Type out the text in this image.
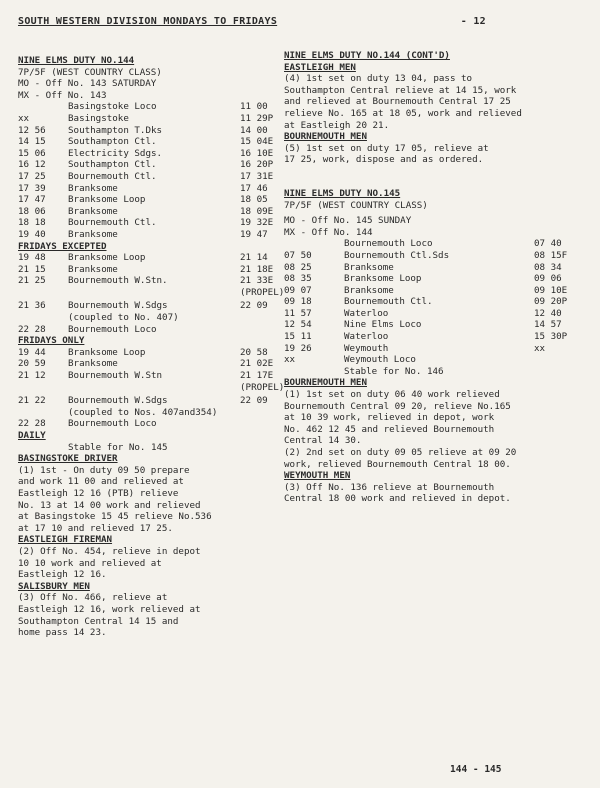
SOUTH WESTERN DIVISION MONDAYS TO FRIDAYS	- 12
NINE ELMS DUTY NO.144
7P/5F (WEST COUNTRY CLASS)
MO - Off No. 143 SATURDAY
MX - Off No. 143
Basingstoke Loco	11 00
xx	Basingstoke	11 29P
12 56	Southampton T.Dks	14 00
14 15	Southampton Ctl.	15 04E
15 06	Electricity Sdgs.	16 10E
16 12	Southampton Ctl.	16 20P
17 25	Bournemouth Ctl.	17 31E
17 39	Branksome	17 46
17 47	Branksome Loop	18 05
18 06	Branksome	18 09E
18 18	Bournemouth Ctl.	19 32E
19 40	Branksome	19 47
FRIDAYS EXCEPTED
19 48	Branksome Loop	21 14
21 15	Branksome	21 18E
21 25	Bournemouth W.Stn.	21 33E
(PROPEL)
21 36	Bournemouth W.Sdgs	22 09
(coupled to No. 407)
22 28	Bournemouth Loco
FRIDAYS ONLY
19 44	Branksome Loop	20 58
20 59	Branksome	21 02E
21 12	Bournemouth W.Stn	21 17E
(PROPEL)
21 22	Bournemouth W.Sdgs	22 09
(coupled to Nos. 407and354)
22 28	Bournemouth Loco
DAILY
Stable for No. 145
BASINGSTOKE DRIVER
(1) 1st - On duty 09 50 prepare
and work 11 00 and relieved at
Eastleigh 12 16 (PTB) relieve
No. 13 at 14 00 work and relieved
at Basingstoke 15 45 relieve No.536
at 17 10 and relieved 17 25.
EASTLEIGH FIREMAN
(2) Off No. 454, relieve in depot
10 10 work and relieved at
Eastleigh 12 16.
SALISBURY MEN
(3) Off No. 466, relieve at
Eastleigh 12 16, work relieved at
Southampton Central 14 15 and
home pass 14 23.
NINE ELMS DUTY NO.144 (CONT'D)
EASTLEIGH MEN
(4) 1st set on duty 13 04, pass to
Southampton Central relieve at 14 15, work
and relieved at Bournemouth Central 17 25
relieve No. 165 at 18 05, work and relieved
at Eastleigh 20 21.
BOURNEMOUTH MEN
(5) 1st set on duty 17 05, relieve at
17 25, work, dispose and as ordered.
NINE ELMS DUTY NO.145
7P/5F (WEST COUNTRY CLASS)
MO - Off No. 145 SUNDAY
MX - Off No. 144
Bournemouth Loco	07 40
07 50	Bournemouth Ctl.Sds	08 15F
08 25	Branksome	08 34
08 35	Branksome Loop	09 06
09 07	Branksome	09 10E
09 18	Bournemouth Ctl.	09 20P
11 57	Waterloo	12 40
12 54	Nine Elms Loco	14 57
15 11	Waterloo	15 30P
19 26	Weymouth	xx
xx	Weymouth Loco
Stable for No. 146
BOURNEMOUTH MEN
(1) 1st set on duty 06 40 work relieved
Bournemouth Central 09 20, relieve No.165
at 10 39 work, relieved in depot, work
No. 462 12 45 and relieved Bournemouth
Central 14 30.
(2) 2nd set on duty 09 05 relieve at 09 20
work, relieved Bournemouth Central 18 00.
WEYMOUTH MEN
(3) Off No. 136 relieve at Bournemouth
Central 18 00 work and relieved in depot.
144 - 145
